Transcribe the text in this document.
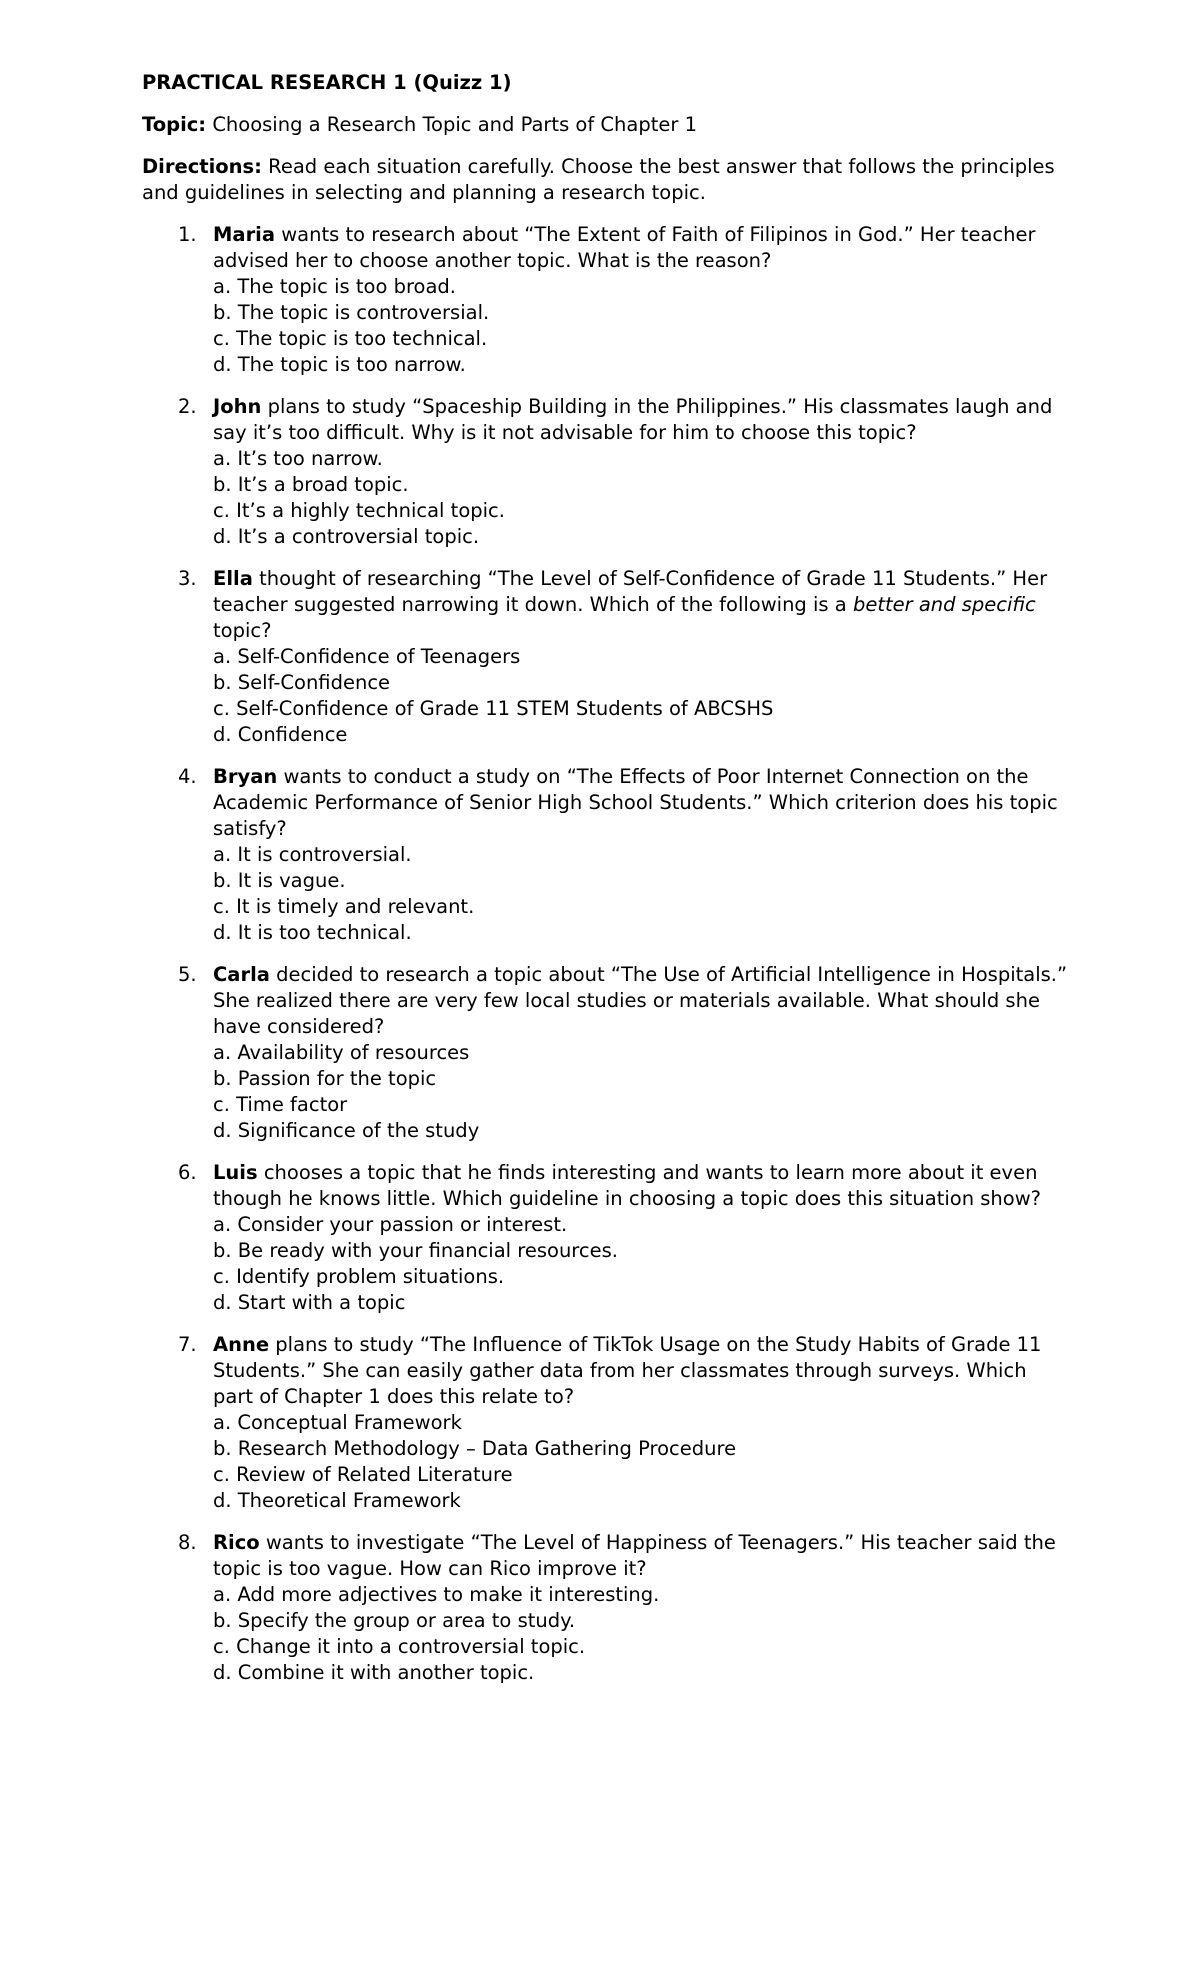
PRACTICAL RESEARCH 1 (Quizz 1)
Topic: Choosing a Research Topic and Parts of Chapter 1
Directions: Read each situation carefully. Choose the best answer that follows the principles and guidelines in selecting and planning a research topic.
1. Maria wants to research about “The Extent of Faith of Filipinos in God.” Her teacher advised her to choose another topic. What is the reason?
a. The topic is too broad.
b. The topic is controversial.
c. The topic is too technical.
d. The topic is too narrow.
2. John plans to study “Spaceship Building in the Philippines.” His classmates laugh and say it’s too difficult. Why is it not advisable for him to choose this topic?
a. It’s too narrow.
b. It’s a broad topic.
c. It’s a highly technical topic.
d. It’s a controversial topic.
3. Ella thought of researching “The Level of Self-Confidence of Grade 11 Students.” Her teacher suggested narrowing it down. Which of the following is a better and specific topic?
a. Self-Confidence of Teenagers
b. Self-Confidence
c. Self-Confidence of Grade 11 STEM Students of ABCSHS
d. Confidence
4. Bryan wants to conduct a study on “The Effects of Poor Internet Connection on the Academic Performance of Senior High School Students.” Which criterion does his topic satisfy?
a. It is controversial.
b. It is vague.
c. It is timely and relevant.
d. It is too technical.
5. Carla decided to research a topic about “The Use of Artificial Intelligence in Hospitals.” She realized there are very few local studies or materials available. What should she have considered?
a. Availability of resources
b. Passion for the topic
c. Time factor
d. Significance of the study
6. Luis chooses a topic that he finds interesting and wants to learn more about it even though he knows little. Which guideline in choosing a topic does this situation show?
a. Consider your passion or interest.
b. Be ready with your financial resources.
c. Identify problem situations.
d. Start with a topic
7. Anne plans to study “The Influence of TikTok Usage on the Study Habits of Grade 11 Students.” She can easily gather data from her classmates through surveys. Which part of Chapter 1 does this relate to?
a. Conceptual Framework
b. Research Methodology – Data Gathering Procedure
c. Review of Related Literature
d. Theoretical Framework
8. Rico wants to investigate “The Level of Happiness of Teenagers.” His teacher said the topic is too vague. How can Rico improve it?
a. Add more adjectives to make it interesting.
b. Specify the group or area to study.
c. Change it into a controversial topic.
d. Combine it with another topic.
